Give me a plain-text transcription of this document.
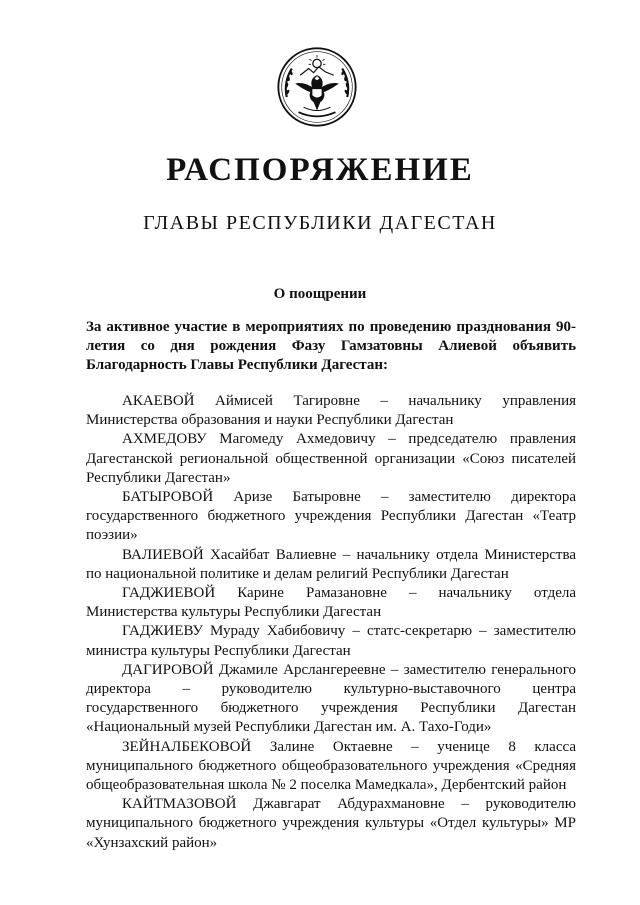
РАСПОРЯЖЕНИЕ
ГЛАВЫ РЕСПУБЛИКИ ДАГЕСТАН
О поощрении
За активное участие в мероприятиях по проведению празднования 90-летия со дня рождения Фазу Гамзатовны Алиевой объявить Благодарность Главы Республики Дагестан:

АКАЕВОЙ Аймисей Тагировне – начальнику управления Министерства образования и науки Республики Дагестан

АХМЕДОВУ Магомеду Ахмедовичу – председателю правления Дагестанской региональной общественной организации «Союз писателей Республики Дагестан»

БАТЫРОВОЙ Аризе Батыровне – заместителю директора государственного бюджетного учреждения Республики Дагестан «Театр поэзии»

ВАЛИЕВОЙ Хасайбат Валиевне – начальнику отдела Министерства по национальной политике и делам религий Республики Дагестан

ГАДЖИЕВОЙ Карине Рамазановне – начальнику отдела Министерства культуры Республики Дагестан

ГАДЖИЕВУ Мураду Хабибовичу – статс-секретарю – заместителю министра культуры Республики Дагестан

ДАГИРОВОЙ Джамиле Арслангереевне – заместителю генерального директора – руководителю культурно-выставочного центра государственного бюджетного учреждения Республики Дагестан «Национальный музей Республики Дагестан им. А. Тахо-Годи»

ЗЕЙНАЛБЕКОВОЙ Залине Октаевне – ученице 8 класса муниципального бюджетного общеобразовательного учреждения «Средняя общеобразовательная школа № 2 поселка Мамедкала», Дербентский район

КАЙТМАЗОВОЙ Джавгарат Абдурахмановне – руководителю муниципального бюджетного учреждения культуры «Отдел культуры» МР «Хунзахский район»
